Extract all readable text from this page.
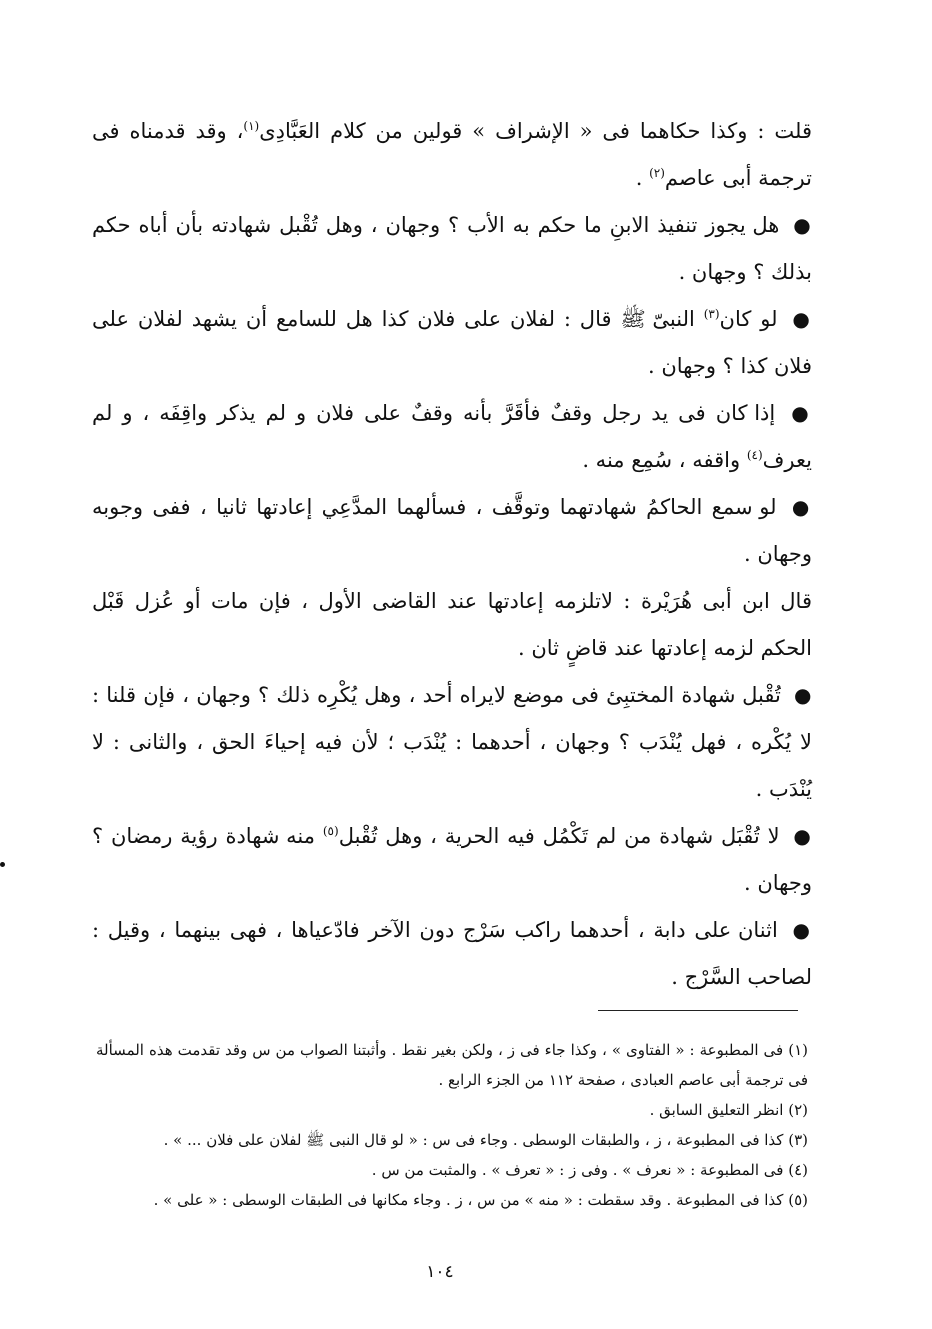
قلت : وكذا حكاهما فى « الإشراف » قولين من كلام العَبَّادِى$^{(١)}$، وقد قدمناه فى ترجمة أبى عاصم$^{(٢)}$ .

● هل يجوز تنفيذ الابنِ ما حكم به الأب ؟ وجهان ، وهل تُقْبل شهادته بأن أباه حكم بذلك ؟ وجهان .

● لو كان$^{(٣)}$ النبىّ ﷺ قال : لفلان على فلان كذا هل للسامع أن يشهد لفلان على فلان كذا ؟ وجهان .

● إذا كان فى يد رجل وقفٌ فأقَرَّ بأنه وقفٌ على فلان و لم يذكر واقِفَه ، و لم يعرف$^{(٤)}$ واقفه ، سُمِع منه .

● لو سمع الحاكمُ شهادتهما وتوقَّف ، فسألهما المدَّعِي إعادتها ثانيا ، ففى وجوبه وجهان .

قال ابن أبى هُرَيْرة : لاتلزمه إعادتها عند القاضى الأول ، فإن مات أو عُزل قَبْل الحكم لزمه إعادتها عند قاضٍ ثان .

● تُقْبل شهادة المختبِئ فى موضع لايراه أحد ، وهل يُكْرِه ذلك ؟ وجهان ، فإن قلنا : لا يُكْره ، فهل يُنْدَب ؟ وجهان ، أحدهما : يُنْدَب ؛ لأن فيه إحياءَ الحق ، والثانى : لا يُنْدَب .

● لا تُقْبَل شهادة من لم تَكْمُل فيه الحرية ، وهل تُقْبل$^{(٥)}$ منه شهادة رؤية رمضان ؟ وجهان .

● اثنان على دابة ، أحدهما راكب سَرْج دون الآخر فادّعياها ، فهى بينهما ، وقيل : لصاحب السَّرْج .

(١) فى المطبوعة : « الفتاوى » ، وكذا جاء فى ز ، ولكن بغير نقط . وأثبتنا الصواب من س وقد تقدمت هذه المسألة فى ترجمة أبى عاصم العبادى ، صفحة ١١٢ من الجزء الرابع .

(٢) انظر التعليق السابق .

(٣) كذا فى المطبوعة ، ز ، والطبقات الوسطى . وجاء فى س : « لو قال النبى ﷺ لفلان على فلان ... » .

(٤) فى المطبوعة : « نعرف » . وفى ز : « تعرف » . والمثبت من س .

(٥) كذا فى المطبوعة . وقد سقطت : « منه » من س ، ز . وجاء مكانها فى الطبقات الوسطى : « على » .

١٠٤
